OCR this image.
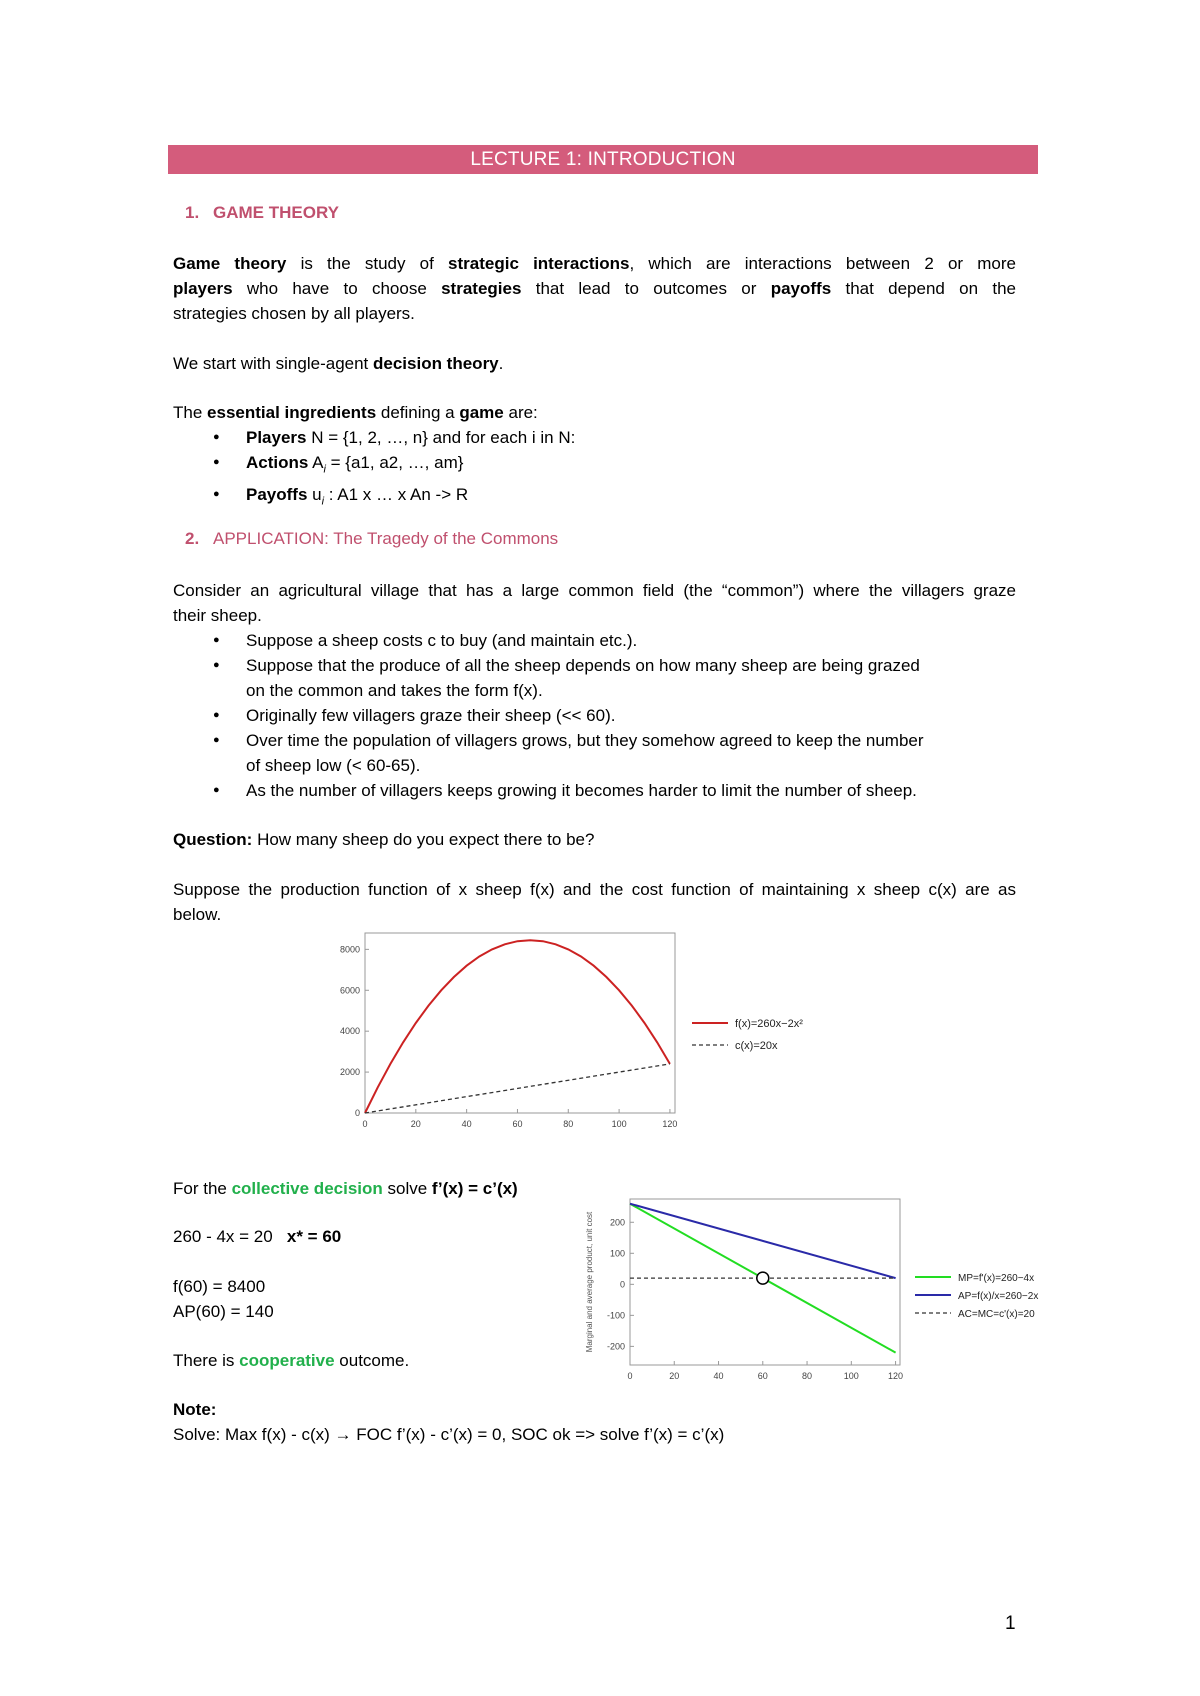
LECTURE 1: INTRODUCTION
1. GAME THEORY
Game theory is the study of strategic interactions, which are interactions between 2 or more
players who have to choose strategies that lead to outcomes or payoffs that depend on the
strategies chosen by all players.
We start with single-agent decision theory.
The essential ingredients defining a game are:
● Players N = {1, 2, …, n} and for each i in N:
● Actions $A_i = \{a1$, a2, …, am}
● Payoffs $u_i$ : A1 x … x An -> R
2. APPLICATION: The Tragedy of the Commons
Consider an agricultural village that has a large common field (the “common”) where the villagers graze
their sheep.
● Suppose a sheep costs c to buy (and maintain etc.).
● Suppose that the produce of all the sheep depends on how many sheep are being grazed
on the common and takes the form f(x).
● Originally few villagers graze their sheep (<< 60).
● Over time the population of villagers grows, but they somehow agreed to keep the number
of sheep low (< 60-65).
● As the number of villagers keeps growing it becomes harder to limit the number of sheep.
Question: How many sheep do you expect there to be?
Suppose the production function of x sheep f(x) and the cost function of maintaining x sheep c(x) are as
below.
0	20	40	60	80	100	120
0
2000
4000
6000
8000
f(x)=260x−2x²
c(x)=20x
For the collective decision solve f’(x) = c’(x)
260 - 4x = 20   x* = 60
f(60) = 8400
AP(60) = 140
There is cooperative outcome.
0	20	40	60	80	100	120
200
100
0
-100
-200
Marginal and average product, unit cost	MP=f'(x)=260−4x
AP=f(x)/x=260−2x
AC=MC=c'(x)=20
Note:
Solve: Max f(x) - c(x) → FOC f’(x) - c’(x) = 0, SOC ok => solve f’(x) = c’(x)
1
